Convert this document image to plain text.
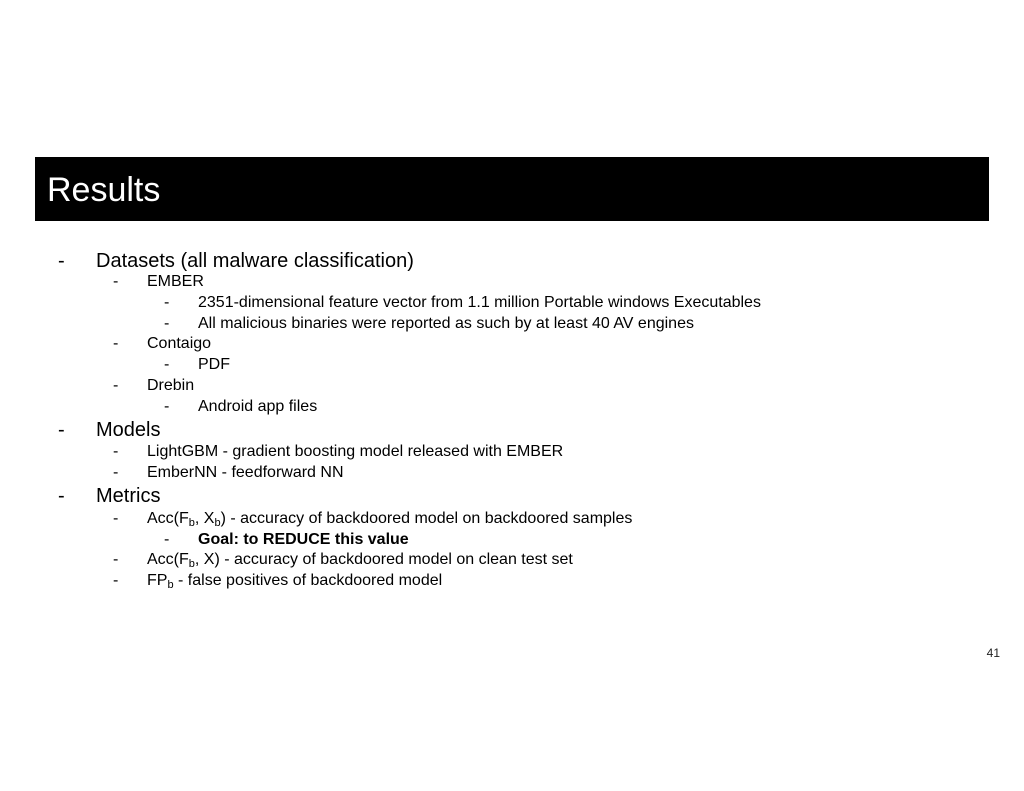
Results
- Datasets (all malware classification)
- EMBER
- 2351-dimensional feature vector from 1.1 million Portable windows Executables
- All malicious binaries were reported as such by at least 40 AV engines
- Contaigo
- PDF
- Drebin
- Android app files
- Models
- LightGBM - gradient boosting model released with EMBER
- EmberNN - feedforward NN
- Metrics
- $Acc(F_b$, $X_b$) - accuracy of backdoored model on backdoored samples
- Goal: to REDUCE this value
- $Acc(F_b$, X) - accuracy of backdoored model on clean test set
- $FP_b$ - false positives of backdoored model
41
